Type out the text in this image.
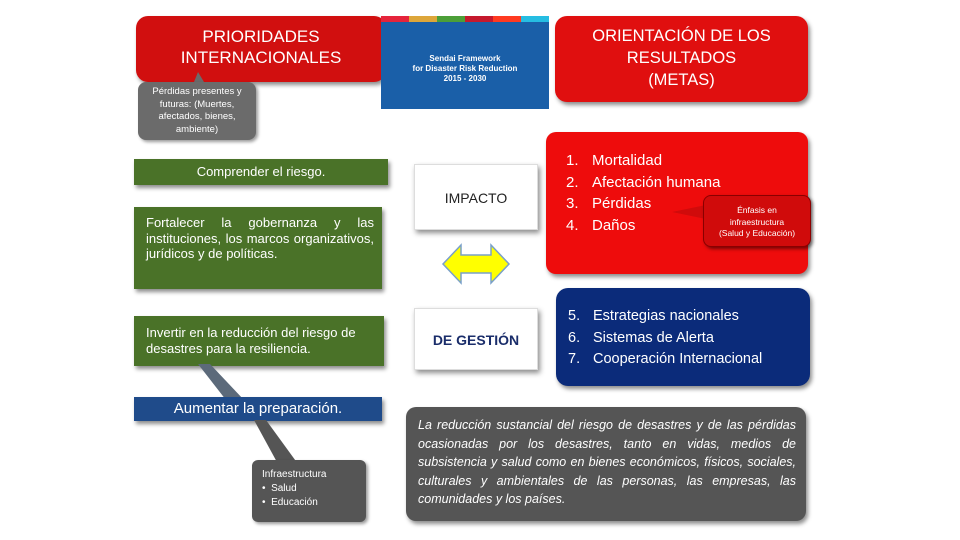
PRIORIDADES
INTERNACIONALES
Pérdidas presentes y futuras: (Muertes, afectados, bienes, ambiente)
Comprender el riesgo.
Fortalecer la gobernanza y las instituciones, los marcos organizativos, jurídicos y de políticas.
Invertir en la reducción del riesgo de desastres para la resiliencia.
Aumentar la preparación.
Infraestructura
•  Salud
•  Educación
Sendai Framework
for Disaster Risk Reduction
2015 - 2030
ORIENTACIÓN DE LOS
RESULTADOS
(METAS)
IMPACTO
DE GESTIÓN
1. Mortalidad
2. Afectación humana
3. Pérdidas
4. Daños
Énfasis en
infraestructura
(Salud y Educación)
5. Estrategias nacionales
6. Sistemas de Alerta
7. Cooperación Internacional
La reducción sustancial del riesgo de desastres y de las pérdidas ocasionadas por los desastres, tanto en vidas, medios de subsistencia y salud como en bienes económicos, físicos, sociales, culturales y ambientales de las personas, las empresas, las comunidades y los países.
